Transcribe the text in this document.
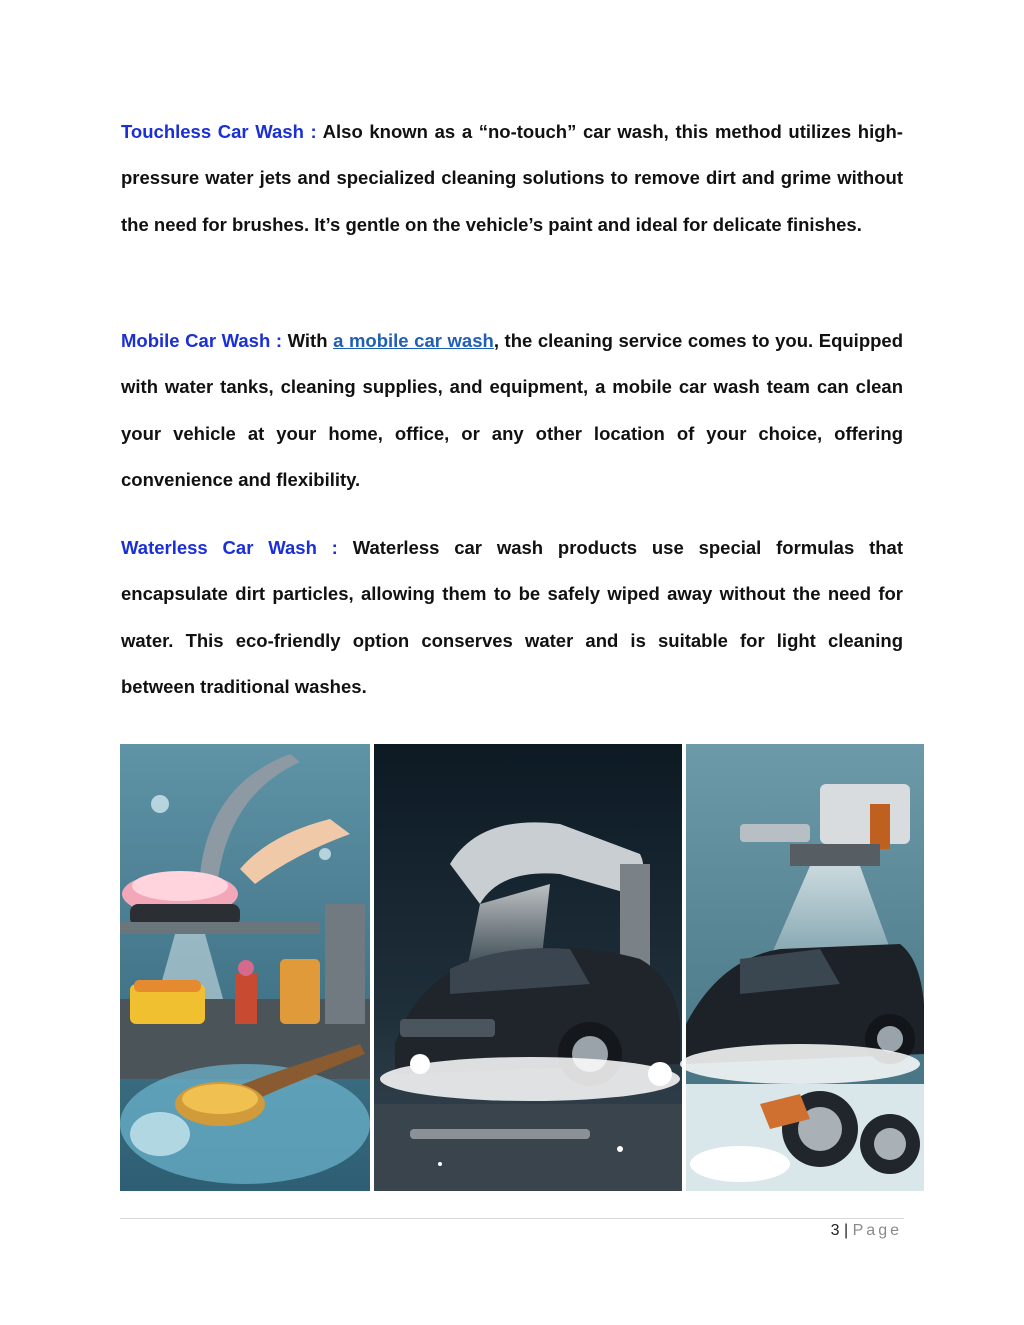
Touchless Car Wash : Also known as a “no-touch” car wash, this method utilizes high-pressure water jets and specialized cleaning solutions to remove dirt and grime without the need for brushes. It’s gentle on the vehicle’s paint and ideal for delicate finishes.

Mobile Car Wash : With a mobile car wash, the cleaning service comes to you. Equipped with water tanks, cleaning supplies, and equipment, a mobile car wash team can clean your vehicle at your home, office, or any other location of your choice, offering convenience and flexibility.

Waterless Car Wash : Waterless car wash products use special formulas that encapsulate dirt particles, allowing them to be safely wiped away without the need for water. This eco-friendly option conserves water and is suitable for light cleaning between traditional washes.

3 | Page
